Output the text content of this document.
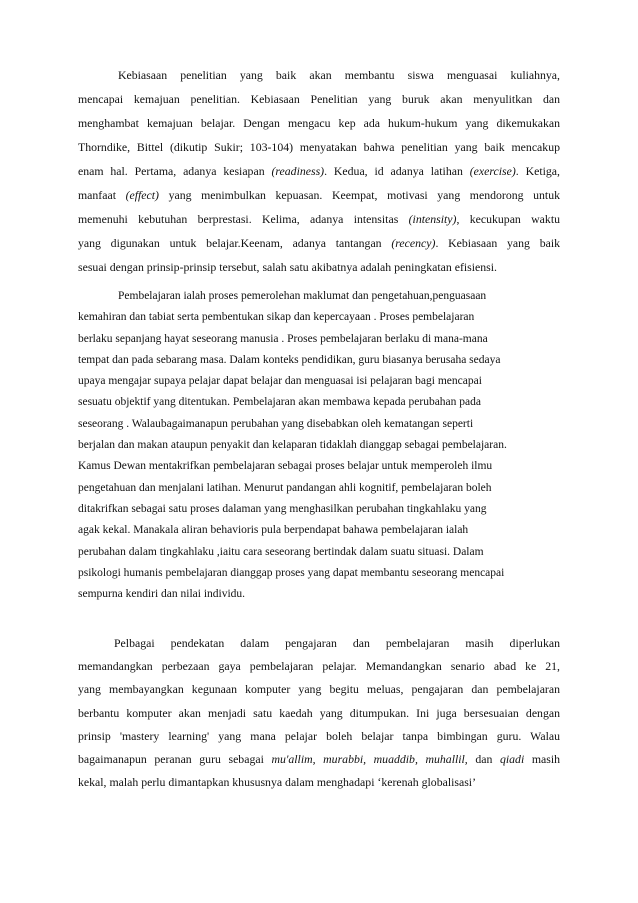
Kebiasaan penelitian yang baik akan membantu siswa menguasai kuliahnya,
mencapai kemajuan penelitian. Kebiasaan Penelitian yang buruk akan menyulitkan dan
menghambat kemajuan belajar. Dengan mengacu kep ada hukum-hukum yang dikemukakan
Thorndike, Bittel (dikutip Sukir; 103-104) menyatakan bahwa penelitian yang baik mencakup
enam hal. Pertama, adanya kesiapan (readiness). Kedua, id adanya latihan (exercise). Ketiga,
manfaat (effect) yang menimbulkan kepuasan. Keempat, motivasi yang mendorong untuk
memenuhi kebutuhan berprestasi. Kelima, adanya intensitas (intensity), kecukupan waktu
yang digunakan untuk belajar.Keenam, adanya tantangan (recency). Kebiasaan yang baik
sesuai dengan prinsip-prinsip tersebut, salah satu akibatnya adalah peningkatan efisiensi.
Pembelajaran ialah proses pemerolehan maklumat dan pengetahuan,penguasaan
kemahiran dan tabiat serta pembentukan sikap dan kepercayaan . Proses pembelajaran
berlaku sepanjang hayat seseorang manusia . Proses pembelajaran berlaku di mana-mana
tempat dan pada sebarang masa. Dalam konteks pendidikan, guru biasanya berusaha sedaya
upaya mengajar supaya pelajar dapat belajar dan menguasai isi pelajaran bagi mencapai
sesuatu objektif yang ditentukan. Pembelajaran akan membawa kepada perubahan pada
seseorang . Walaubagaimanapun perubahan yang disebabkan oleh kematangan seperti
berjalan dan makan ataupun penyakit dan kelaparan tidaklah dianggap sebagai pembelajaran.
Kamus Dewan mentakrifkan pembelajaran sebagai proses belajar untuk memperoleh ilmu
pengetahuan dan menjalani latihan. Menurut pandangan ahli kognitif, pembelajaran boleh
ditakrifkan sebagai satu proses dalaman yang menghasilkan perubahan tingkahlaku yang
agak kekal. Manakala aliran behavioris pula berpendapat bahawa pembelajaran ialah
perubahan dalam tingkahlaku ,iaitu cara seseorang bertindak dalam suatu situasi. Dalam
psikologi humanis pembelajaran dianggap proses yang dapat membantu seseorang mencapai
sempurna kendiri dan nilai individu.
Pelbagai pendekatan dalam pengajaran dan pembelajaran masih diperlukan
memandangkan perbezaan gaya pembelajaran pelajar. Memandangkan senario abad ke 21,
yang membayangkan kegunaan komputer yang begitu meluas, pengajaran dan pembelajaran
berbantu komputer akan menjadi satu kaedah yang ditumpukan. Ini juga bersesuaian dengan
prinsip 'mastery learning' yang mana pelajar boleh belajar tanpa bimbingan guru. Walau
bagaimanapun peranan guru sebagai mu'allim, murabbi, muaddib, muhallil, dan qiadi masih
kekal, malah perlu dimantapkan khususnya dalam menghadapi ‘kerenah globalisasi’
